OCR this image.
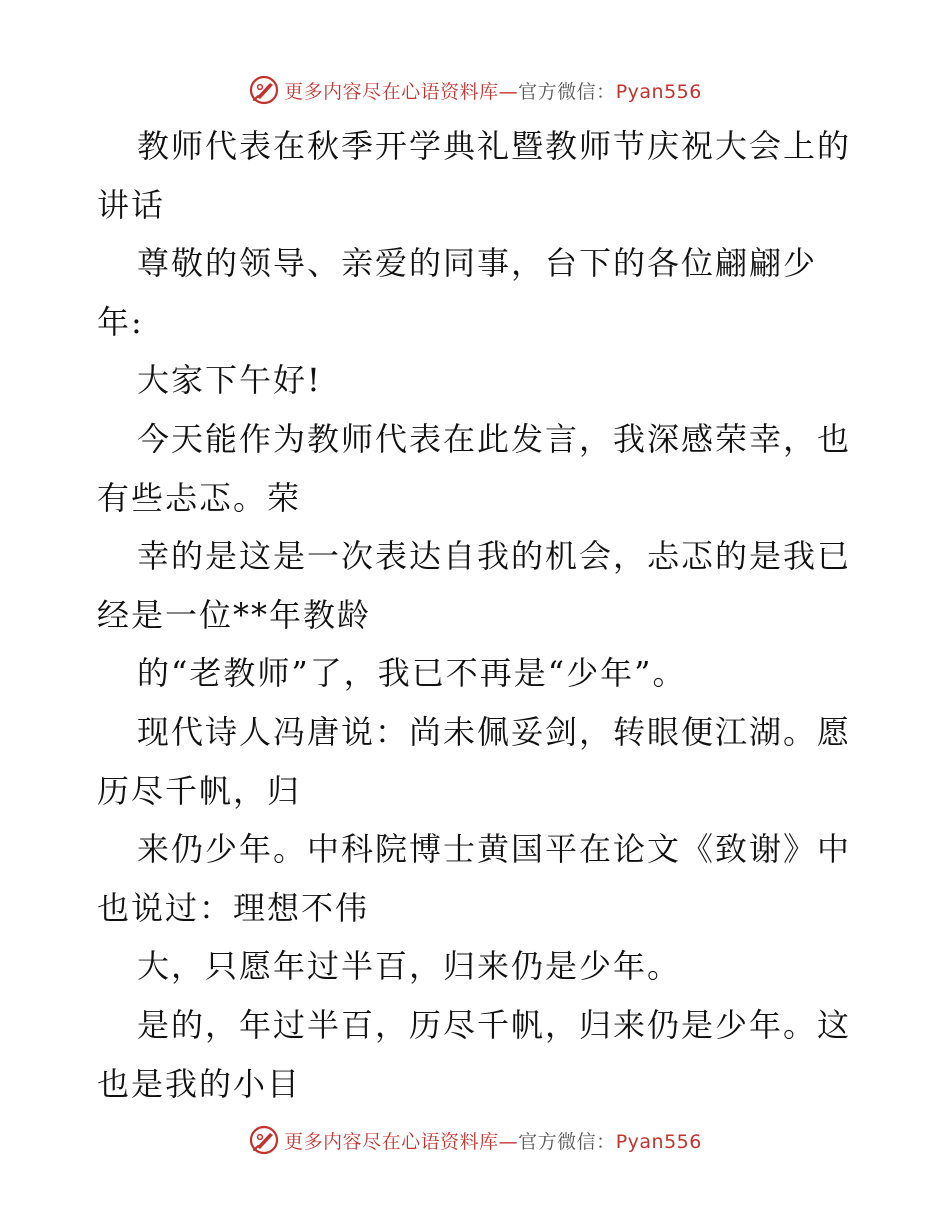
更多内容尽在心语资料库—官方微信：Pyan556
教师代表在秋季开学典礼暨教师节庆祝大会上的
讲话
尊敬的领导、亲爱的同事，台下的各位翩翩少
年:
大家下午好!
今天能作为教师代表在此发言，我深感荣幸，也
有些忐忑。荣
幸的是这是一次表达自我的机会，忐忑的是我已
经是一位**年教龄
的“老教师”了，我已不再是“少年”。
现代诗人冯唐说：尚未佩妥剑，转眼便江湖。愿
历尽千帆，归
来仍少年。中科院博士黄国平在论文《致谢》中
也说过：理想不伟
大，只愿年过半百，归来仍是少年。
是的，年过半百，历尽千帆，归来仍是少年。这
也是我的小目
更多内容尽在心语资料库—官方微信：Pyan556
